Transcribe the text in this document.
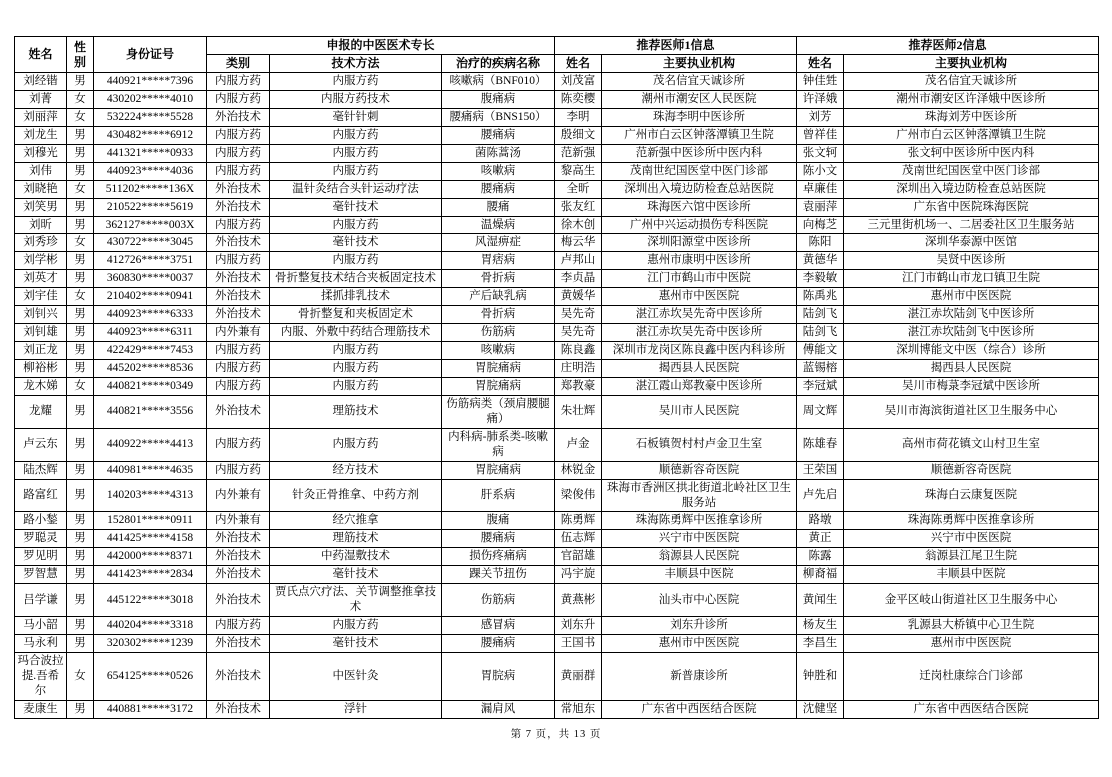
姓名	性别	身份证号	申报的中医医术专长			推荐医师1信息		推荐医师2信息	
			类别	技术方法	治疗的疾病名称	姓名	主要执业机构	姓名	主要执业机构
刘经锴	男	440921*****7396	内服方药	内服方药	咳嗽病（BNF010）	刘茂富	茂名信宜天诚诊所	钟佳甡	茂名信宜天诚诊所
刘菁	女	430202*****4010	内服方药	内服方药技术	腹痛病	陈奕樱	潮州市潮安区人民医院	许泽娥	潮州市潮安区许泽娥中医诊所
刘丽萍	女	532224*****5528	外治技术	毫针针刺	腰痛病（BNS150）	李明	珠海李明中医诊所	刘芳	珠海刘芳中医诊所
刘龙生	男	430482*****6912	内服方药	内服方药	腰痛病	殷细文	广州市白云区钟落潭镇卫生院	曾祥佳	广州市白云区钟落潭镇卫生院
刘穆光	男	441321*****0933	内服方药	内服方药	菌陈蒿汤	范新强	范新强中医诊所中医内科	张文轲	张文轲中医诊所中医内科
刘伟	男	440923*****4036	内服方药	内服方药	咳嗽病	黎高生	茂南世纪国医堂中医门诊部	陈小文	茂南世纪国医堂中医门诊部
刘晓艳	女	511202*****136X	外治技术	温针灸结合头针运动疗法	腰痛病	全昕	深圳出入境边防检查总站医院	卓廉佳	深圳出入境边防检查总站医院
刘笑男	男	210522*****5619	外治技术	毫针技术	腰痛	张友红	珠海医六馆中医诊所	袁丽萍	广东省中医院珠海医院
刘昕	男	362127*****003X	内服方药	内服方药	温燥病	徐木创	广州中兴运动损伤专科医院	向梅芝	三元里街机场一、二居委社区卫生服务站
刘秀珍	女	430722*****3045	外治技术	毫针技术	风湿痹症	梅云华	深圳阳源堂中医诊所	陈阳	深圳华泰源中医馆
刘学彬	男	412726*****3751	内服方药	内服方药	胃痞病	卢邦山	惠州市康明中医诊所	黄德华	吴贤中医诊所
刘英才	男	360830*****0037	外治技术	骨折整复技术结合夹板固定技术	骨折病	李贞晶	江门市鹤山市中医院	李毅敏	江门市鹤山市龙口镇卫生院
刘宇佳	女	210402*****0941	外治技术	揉抓排乳技术	产后缺乳病	黄媛华	惠州市中医医院	陈禹兆	惠州市中医医院
刘钊兴	男	440923*****6333	外治技术	骨折整复和夹板固定术	骨折病	吴先奇	湛江赤坎吴先奇中医诊所	陆剑飞	湛江赤坎陆剑飞中医诊所
刘钊雄	男	440923*****6311	内外兼有	内服、外敷中药结合理筋技术	伤筋病	吴先奇	湛江赤坎吴先奇中医诊所	陆剑飞	湛江赤坎陆剑飞中医诊所
刘正龙	男	422429*****7453	内服方药	内服方药	咳嗽病	陈良鑫	深圳市龙岗区陈良鑫中医内科诊所	傅能文	深圳博能文中医（综合）诊所
柳裕彬	男	445202*****8536	内服方药	内服方药	胃脘痛病	庄明浩	揭西县人民医院	蓝锡榕	揭西县人民医院
龙木娣	女	440821*****0349	内服方药	内服方药	胃脘痛病	郑教豪	湛江霞山郑教豪中医诊所	李冠斌	吴川市梅菉李冠斌中医诊所
龙耀	男	440821*****3556	外治技术	理筋技术	伤筋病类（颈肩腰腿痛）	朱壮辉	吴川市人民医院	周文辉	吴川市海滨街道社区卫生服务中心
卢云东	男	440922*****4413	内服方药	内服方药	内科病-肺系类-咳嗽病	卢金	石板镇贺村村卢金卫生室	陈雄春	高州市荷花镇文山村卫生室
陆杰辉	男	440981*****4635	内服方药	经方技术	胃脘痛病	林锐金	顺德新容奇医院	王荣国	顺德新容奇医院
路富红	男	140203*****4313	内外兼有	针灸正骨推拿、中药方剂	肝系病	梁俊伟	珠海市香洲区拱北街道北岭社区卫生服务站	卢先启	珠海白云康复医院
路小鍫	男	152801*****0911	内外兼有	经穴推拿	腹痛	陈勇辉	珠海陈勇辉中医推拿诊所	路墩	珠海陈勇辉中医推拿诊所
罗聪灵	男	441425*****4158	外治技术	理筋技术	腰痛病	伍志辉	兴宁市中医医院	黄正	兴宁市中医医院
罗见明	男	442000*****8371	外治技术	中药湿敷技术	损伤疼痛病	官韶雄	翁源县人民医院	陈露	翁源县江尾卫生院
罗智慧	男	441423*****2834	外治技术	毫针技术	踝关节扭伤	冯宇旋	丰顺县中医院	柳裔福	丰顺县中医院
吕学谦	男	445122*****3018	外治技术	贾氏点穴疗法、关节调整推拿技术	伤筋病	黄燕彬	汕头市中心医院	黄闻生	金平区岐山街道社区卫生服务中心
马小韶	男	440204*****3318	内服方药	内服方药	感冒病	刘东升	刘东升诊所	杨友生	乳源县大桥镇中心卫生院
马永利	男	320302*****1239	外治技术	毫针技术	腰痛病	王国书	惠州市中医医院	李昌生	惠州市中医医院
玛合波拉提.吾希尔	女	654125*****0526	外治技术	中医针灸	胃脘病	黄丽群	新普康诊所	钟胜和	迁岗杜康综合门诊部
麦康生	男	440881*****3172	外治技术	浮针	漏肩风	常旭东	广东省中西医结合医院	沈健坚	广东省中西医结合医院
第 7 页，共 13 页
